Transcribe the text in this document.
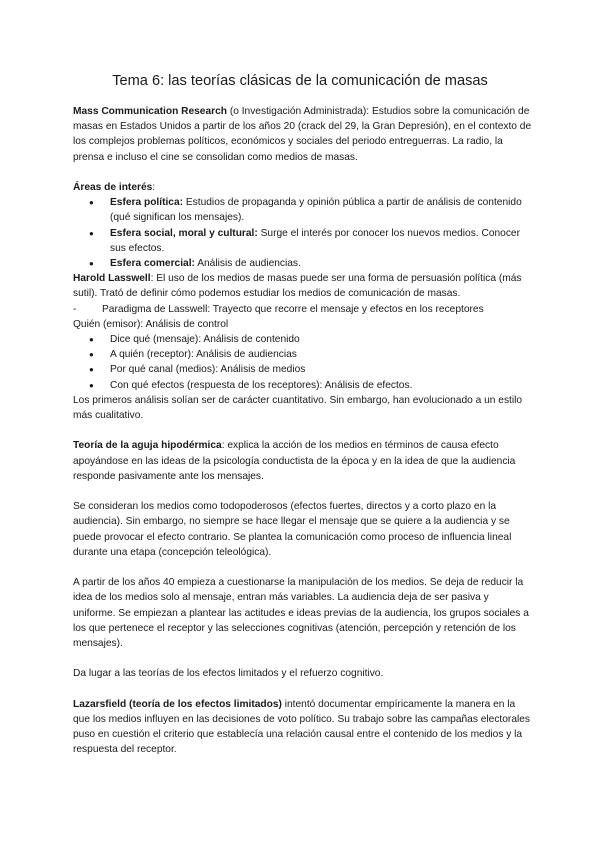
Tema 6: las teorías clásicas de la comunicación de masas

Mass Communication Research (o Investigación Administrada): Estudios sobre la comunicación de masas en Estados Unidos a partir de los años 20 (crack del 29, la Gran Depresión), en el contexto de los complejos problemas políticos, económicos y sociales del periodo entreguerras. La radio, la prensa e incluso el cine se consolidan como medios de masas.

Áreas de interés:

● Esfera política: Estudios de propaganda y opinión pública a partir de análisis de contenido (qué significan los mensajes).
● Esfera social, moral y cultural: Surge el interés por conocer los nuevos medios. Conocer sus efectos.
● Esfera comercial: Análisis de audiencias.

Harold Lasswell: El uso de los medios de masas puede ser una forma de persuasión política (más sutil). Trató de definir cómo podemos estudiar los medios de comunicación de masas.

-	Paradigma de Lasswell: Trayecto que recorre el mensaje y efectos en los receptores

Quién (emisor): Análisis de control

● Dice qué (mensaje): Análisis de contenido
● A quién (receptor): Análisis de audiencias
● Por qué canal (medios): Análisis de medios
● Con qué efectos (respuesta de los receptores): Análisis de efectos.

Los primeros análisis solían ser de carácter cuantitativo. Sin embargo, han evolucionado a un estilo más cualitativo.

Teoría de la aguja hipodérmica: explica la acción de los medios en términos de causa efecto apoyándose en las ideas de la psicología conductista de la época y en la idea de que la audiencia responde pasivamente ante los mensajes.

Se consideran los medios como todopoderosos (efectos fuertes, directos y a corto plazo en la audiencia). Sin embargo, no siempre se hace llegar el mensaje que se quiere a la audiencia y se puede provocar el efecto contrario. Se plantea la comunicación como proceso de influencia lineal durante una etapa (concepción teleológica).

A partir de los años 40 empieza a cuestionarse la manipulación de los medios. Se deja de reducir la idea de los medios solo al mensaje, entran más variables. La audiencia deja de ser pasiva y uniforme. Se empiezan a plantear las actitudes e ideas previas de la audiencia, los grupos sociales a los que pertenece el receptor y las selecciones cognitivas (atención, percepción y retención de los mensajes).

Da lugar a las teorías de los efectos limitados y el refuerzo cognitivo.

Lazarsfield (teoría de los efectos limitados) intentó documentar empíricamente la manera en la que los medios influyen en las decisiones de voto político. Su trabajo sobre las campañas electorales puso en cuestión el criterio que establecía una relación causal entre el contenido de los medios y la respuesta del receptor.
